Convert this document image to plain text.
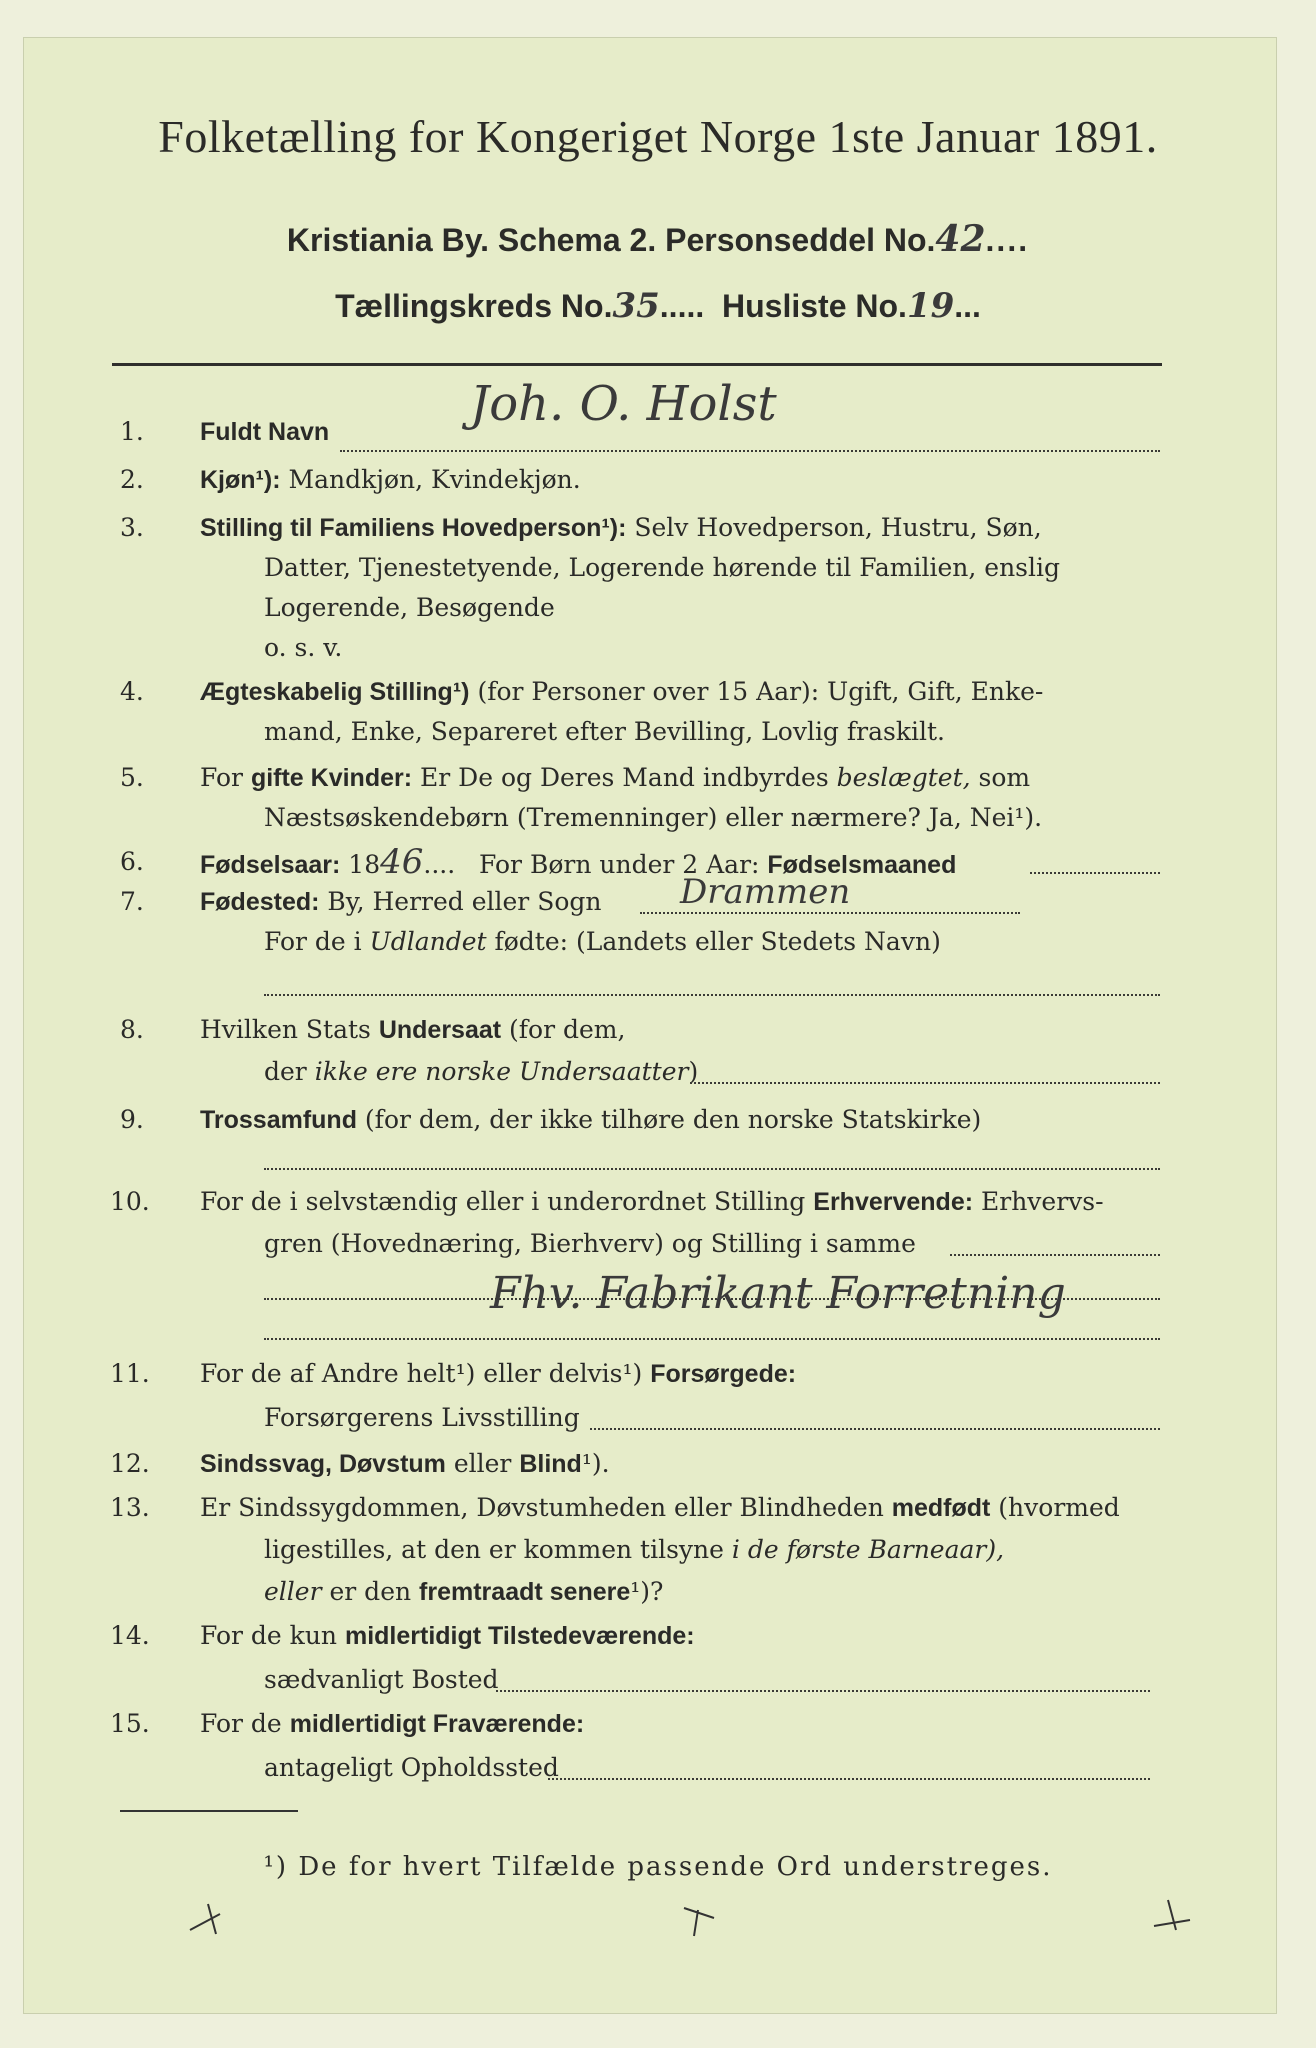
Folketælling for Kongeriget Norge 1ste Januar 1891.
Kristiania By. Schema 2. Personseddel No.42....
Tællingskreds No.35.....  Husliste No.19...
1.	Fuldt Navn	Joh. O. Holst
2.	Kjøn¹): Mandkjøn, Kvindekjøn.
3.	Stilling til Familiens Hovedperson¹): Selv Hovedperson, Hustru, Søn,
Datter, Tjenestetyende, Logerende hørende til Familien, enslig
Logerende, Besøgende
o. s. v.
4.	Ægteskabelig Stilling¹) (for Personer over 15 Aar): Ugift, Gift, Enke-
mand, Enke, Separeret efter Bevilling, Lovlig fraskilt.
5.	For gifte Kvinder: Er De og Deres Mand indbyrdes beslægtet, som
Næstsøskendebørn (Tremenninger) eller nærmere? Ja, Nei¹).
6.	Fødselsaar: 1846....   For Børn under 2 Aar: Fødselsmaaned
7.	Fødested: By, Herred eller Sogn Drammen
For de i Udlandet fødte: (Landets eller Stedets Navn)
8.	Hvilken Stats Undersaat (for dem,
der ikke ere norske Undersaatter)
9.	Trossamfund (for dem, der ikke tilhøre den norske Statskirke)
10.	For de i selvstændig eller i underordnet Stilling Erhvervende: Erhvervs-
gren (Hovednæring, Bierhverv) og Stilling i samme
Fhv. Fabrikant Forretning
11.	For de af Andre helt¹) eller delvis¹) Forsørgede:
Forsørgerens Livsstilling
12.	Sindssvag, Døvstum eller Blind¹).
13.	Er Sindssygdommen, Døvstumheden eller Blindheden medfødt (hvormed
ligestilles, at den er kommen tilsyne i de første Barneaar),
eller er den fremtraadt senere¹)?
14.	For de kun midlertidigt Tilstedeværende:
sædvanligt Bosted
15.	For de midlertidigt Fraværende:
antageligt Opholdssted
¹) De for hvert Tilfælde passende Ord understreges.
